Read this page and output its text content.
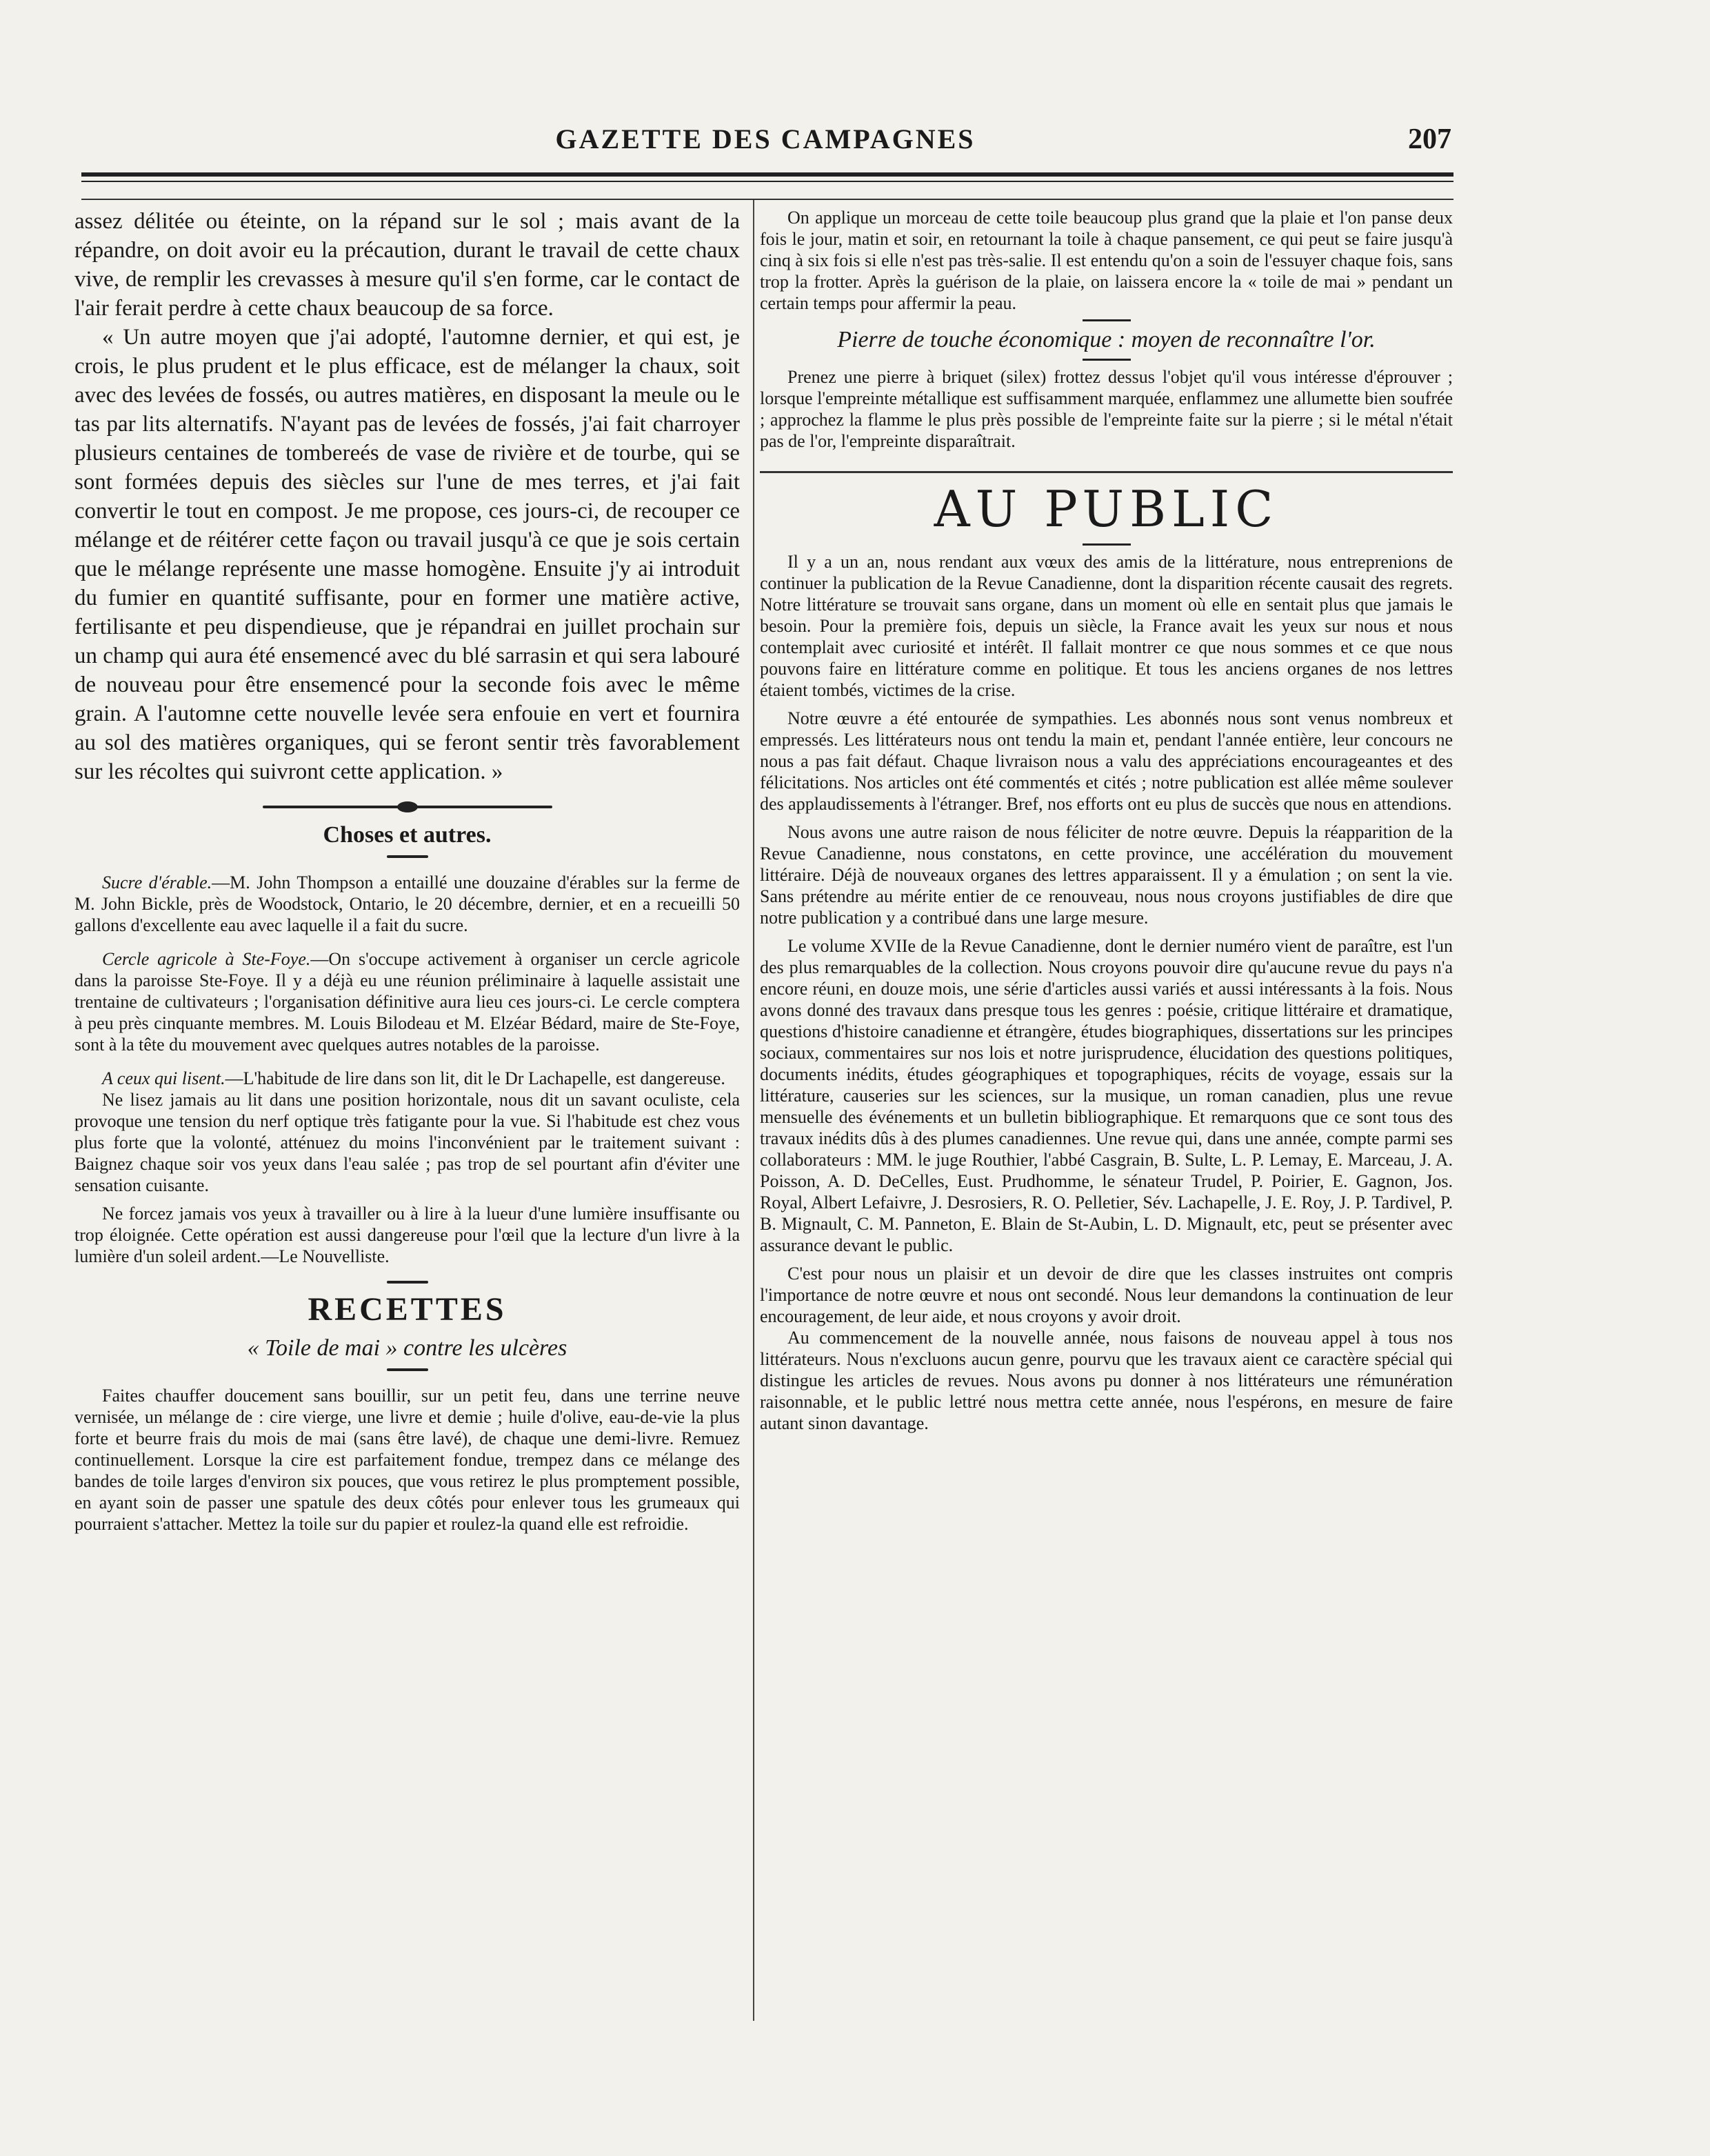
GAZETTE DES CAMPAGNES	207

assez délitée ou éteinte, on la répand sur le sol ; mais avant de la répandre, on doit avoir eu la précaution, durant le travail de cette chaux vive, de remplir les crevasses à mesure qu'il s'en forme, car le contact de l'air ferait perdre à cette chaux beaucoup de sa force.

« Un autre moyen que j'ai adopté, l'automne dernier, et qui est, je crois, le plus prudent et le plus efficace, est de mélanger la chaux, soit avec des levées de fossés, ou autres matières, en disposant la meule ou le tas par lits alternatifs. N'ayant pas de levées de fossés, j'ai fait charroyer plusieurs centaines de tombereés de vase de rivière et de tourbe, qui se sont formées depuis des siècles sur l'une de mes terres, et j'ai fait convertir le tout en compost. Je me propose, ces jours-ci, de recouper ce mélange et de réitérer cette façon ou travail jusqu'à ce que je sois certain que le mélange représente une masse homogène. Ensuite j'y ai introduit du fumier en quantité suffisante, pour en former une matière active, fertilisante et peu dispendieuse, que je répandrai en juillet prochain sur un champ qui aura été ensemencé avec du blé sarrasin et qui sera labouré de nouveau pour être ensemencé pour la seconde fois avec le même grain. A l'automne cette nouvelle levée sera enfouie en vert et fournira au sol des matières organiques, qui se feront sentir très favorablement sur les récoltes qui suivront cette application. »

Choses et autres.

Sucre d'érable.—M. John Thompson a entaillé une douzaine d'érables sur la ferme de M. John Bickle, près de Woodstock, Ontario, le 20 décembre, dernier, et en a recueilli 50 gallons d'excellente eau avec laquelle il a fait du sucre.

Cercle agricole à Ste-Foye.—On s'occupe activement à organiser un cercle agricole dans la paroisse Ste-Foye. Il y a déjà eu une réunion préliminaire à laquelle assistait une trentaine de cultivateurs ; l'organisation définitive aura lieu ces jours-ci. Le cercle comptera à peu près cinquante membres. M. Louis Bilodeau et M. Elzéar Bédard, maire de Ste-Foye, sont à la tête du mouvement avec quelques autres notables de la paroisse.

A ceux qui lisent.—L'habitude de lire dans son lit, dit le Dr Lachapelle, est dangereuse.

Ne lisez jamais au lit dans une position horizontale, nous dit un savant oculiste, cela provoque une tension du nerf optique très fatigante pour la vue. Si l'habitude est chez vous plus forte que la volonté, atténuez du moins l'inconvénient par le traitement suivant : Baignez chaque soir vos yeux dans l'eau salée ; pas trop de sel pourtant afin d'éviter une sensation cuisante.

Ne forcez jamais vos yeux à travailler ou à lire à la lueur d'une lumière insuffisante ou trop éloignée. Cette opération est aussi dangereuse pour l'œil que la lecture d'un livre à la lumière d'un soleil ardent.—Le Nouvelliste.

RECETTES
« Toile de mai » contre les ulcères

Faites chauffer doucement sans bouillir, sur un petit feu, dans une terrine neuve vernisée, un mélange de : cire vierge, une livre et demie ; huile d'olive, eau-de-vie la plus forte et beurre frais du mois de mai (sans être lavé), de chaque une demi-livre. Remuez continuellement. Lorsque la cire est parfaitement fondue, trempez dans ce mélange des bandes de toile larges d'environ six pouces, que vous retirez le plus promptement possible, en ayant soin de passer une spatule des deux côtés pour enlever tous les grumeaux qui pourraient s'attacher. Mettez la toile sur du papier et roulez-la quand elle est refroidie.

On applique un morceau de cette toile beaucoup plus grand que la plaie et l'on panse deux fois le jour, matin et soir, en retournant la toile à chaque pansement, ce qui peut se faire jusqu'à cinq à six fois si elle n'est pas très-salie. Il est entendu qu'on a soin de l'essuyer chaque fois, sans trop la frotter. Après la guérison de la plaie, on laissera encore la « toile de mai » pendant un certain temps pour affermir la peau.

Pierre de touche économique : moyen de reconnaître l'or.

Prenez une pierre à briquet (silex) frottez dessus l'objet qu'il vous intéresse d'éprouver ; lorsque l'empreinte métallique est suffisamment marquée, enflammez une allumette bien soufrée ; approchez la flamme le plus près possible de l'empreinte faite sur la pierre ; si le métal n'était pas de l'or, l'empreinte disparaîtrait.

AU PUBLIC

Il y a un an, nous rendant aux vœux des amis de la littérature, nous entreprenions de continuer la publication de la Revue Canadienne, dont la disparition récente causait des regrets. Notre littérature se trouvait sans organe, dans un moment où elle en sentait plus que jamais le besoin. Pour la première fois, depuis un siècle, la France avait les yeux sur nous et nous contemplait avec curiosité et intérêt. Il fallait montrer ce que nous sommes et ce que nous pouvons faire en littérature comme en politique. Et tous les anciens organes de nos lettres étaient tombés, victimes de la crise.

Notre œuvre a été entourée de sympathies. Les abonnés nous sont venus nombreux et empressés. Les littérateurs nous ont tendu la main et, pendant l'année entière, leur concours ne nous a pas fait défaut. Chaque livraison nous a valu des appréciations encourageantes et des félicitations. Nos articles ont été commentés et cités ; notre publication est allée même soulever des applaudissements à l'étranger. Bref, nos efforts ont eu plus de succès que nous en attendions.

Nous avons une autre raison de nous féliciter de notre œuvre. Depuis la réapparition de la Revue Canadienne, nous constatons, en cette province, une accélération du mouvement littéraire. Déjà de nouveaux organes des lettres apparaissent. Il y a émulation ; on sent la vie. Sans prétendre au mérite entier de ce renouveau, nous nous croyons justifiables de dire que notre publication y a contribué dans une large mesure.

Le volume XVIIe de la Revue Canadienne, dont le dernier numéro vient de paraître, est l'un des plus remarquables de la collection. Nous croyons pouvoir dire qu'aucune revue du pays n'a encore réuni, en douze mois, une série d'articles aussi variés et aussi intéressants à la fois. Nous avons donné des travaux dans presque tous les genres : poésie, critique littéraire et dramatique, questions d'histoire canadienne et étrangère, études biographiques, dissertations sur les principes sociaux, commentaires sur nos lois et notre jurisprudence, élucidation des questions politiques, documents inédits, études géographiques et topographiques, récits de voyage, essais sur la littérature, causeries sur les sciences, sur la musique, un roman canadien, plus une revue mensuelle des événements et un bulletin bibliographique. Et remarquons que ce sont tous des travaux inédits dûs à des plumes canadiennes. Une revue qui, dans une année, compte parmi ses collaborateurs : MM. le juge Routhier, l'abbé Casgrain, B. Sulte, L. P. Lemay, E. Marceau, J. A. Poisson, A. D. DeCelles, Eust. Prudhomme, le sénateur Trudel, P. Poirier, E. Gagnon, Jos. Royal, Albert Lefaivre, J. Desrosiers, R. O. Pelletier, Sév. Lachapelle, J. E. Roy, J. P. Tardivel, P. B. Mignault, C. M. Panneton, E. Blain de St-Aubin, L. D. Mignault, etc, peut se présenter avec assurance devant le public.

C'est pour nous un plaisir et un devoir de dire que les classes instruites ont compris l'importance de notre œuvre et nous ont secondé. Nous leur demandons la continuation de leur encouragement, de leur aide, et nous croyons y avoir droit.

Au commencement de la nouvelle année, nous faisons de nouveau appel à tous nos littérateurs. Nous n'excluons aucun genre, pourvu que les travaux aient ce caractère spécial qui distingue les articles de revues. Nous avons pu donner à nos littérateurs une rémunération raisonnable, et le public lettré nous mettra cette année, nous l'espérons, en mesure de faire autant sinon davantage.
